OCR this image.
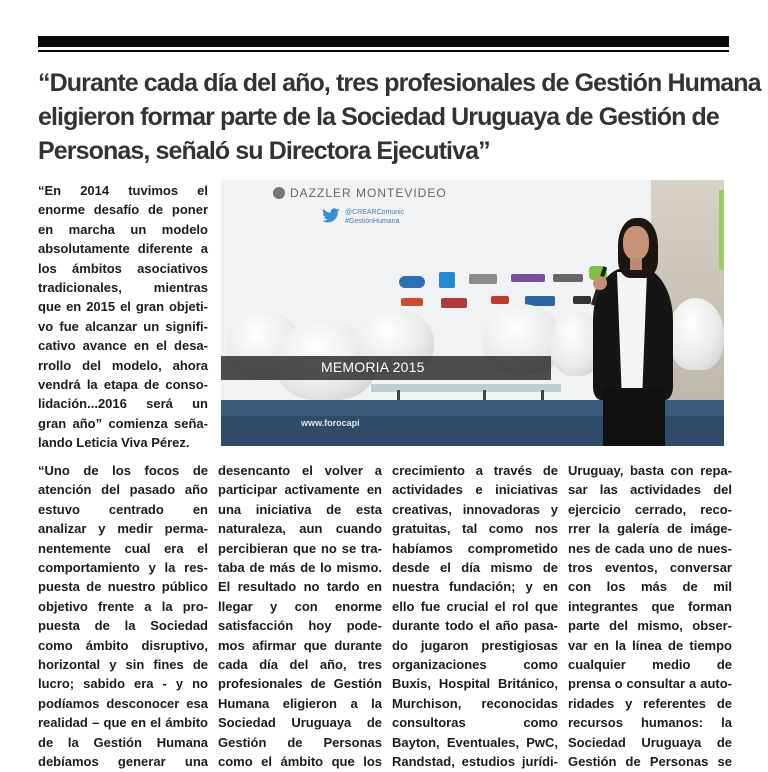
“Durante cada día del año, tres profesionales de Gestión Humana
eligieron formar parte de la Sociedad Uruguaya de Gestión de
Personas, señaló su Directora Ejecutiva”
“En 2014 tuvimos el
enorme desafío de poner
en marcha un modelo
absolutamente diferente a
los ámbitos asociativos
tradicionales, mientras
que en 2015 el gran objeti-
vo fue alcanzar un signifi-
cativo avance en el desa-
rrollo del modelo, ahora
vendrá la etapa de conso-
lidación...2016 será un
gran año” comienza seña-
lando Leticia Viva Pérez.
DAZZLER MONTEVIDEO
@CREARComunic
#GestiónHumana
www.forocapi
MEMORIA 2015
“Uno de los focos de
atención del pasado año
estuvo centrado en
analizar y medir perma-
nentemente cual era el
comportamiento y la res-
puesta de nuestro público
objetivo frente a la pro-
puesta de la Sociedad
como ámbito disruptivo,
horizontal y sin fines de
lucro; sabido era - y no
podíamos desconocer esa
realidad – que en el ámbito
de la Gestión Humana
debíamos generar una
desencanto el volver a
participar activamente en
una iniciativa de esta
naturaleza, aun cuando
percibieran que no se tra-
taba de más de lo mismo.
El resultado no tardo en
llegar y con enorme
satisfacción hoy pode-
mos afirmar que durante
cada día del año, tres
profesionales de Gestión
Humana eligieron a la
Sociedad Uruguaya de
Gestión de Personas
como el ámbito que los
crecimiento a través de
actividades e iniciativas
creativas, innovadoras y
gratuitas, tal como nos
habíamos comprometido
desde el día mismo de
nuestra fundación; y en
ello fue crucial el rol que
durante todo el año pasa-
do jugaron prestigiosas
organizaciones como
Buxis, Hospital Británico,
Murchison, reconocidas
consultoras como
Bayton, Eventuales, PwC,
Randstad, estudios jurídi-
Uruguay, basta con repa-
sar las actividades del
ejercicio cerrado, reco-
rrer la galería de imáge-
nes de cada uno de nues-
tros eventos, conversar
con los más de mil
integrantes que forman
parte del mismo, obser-
var en la línea de tiempo
cualquier medio de
prensa o consultar a auto-
ridades y referentes de
recursos humanos: la
Sociedad Uruguaya de
Gestión de Personas se
